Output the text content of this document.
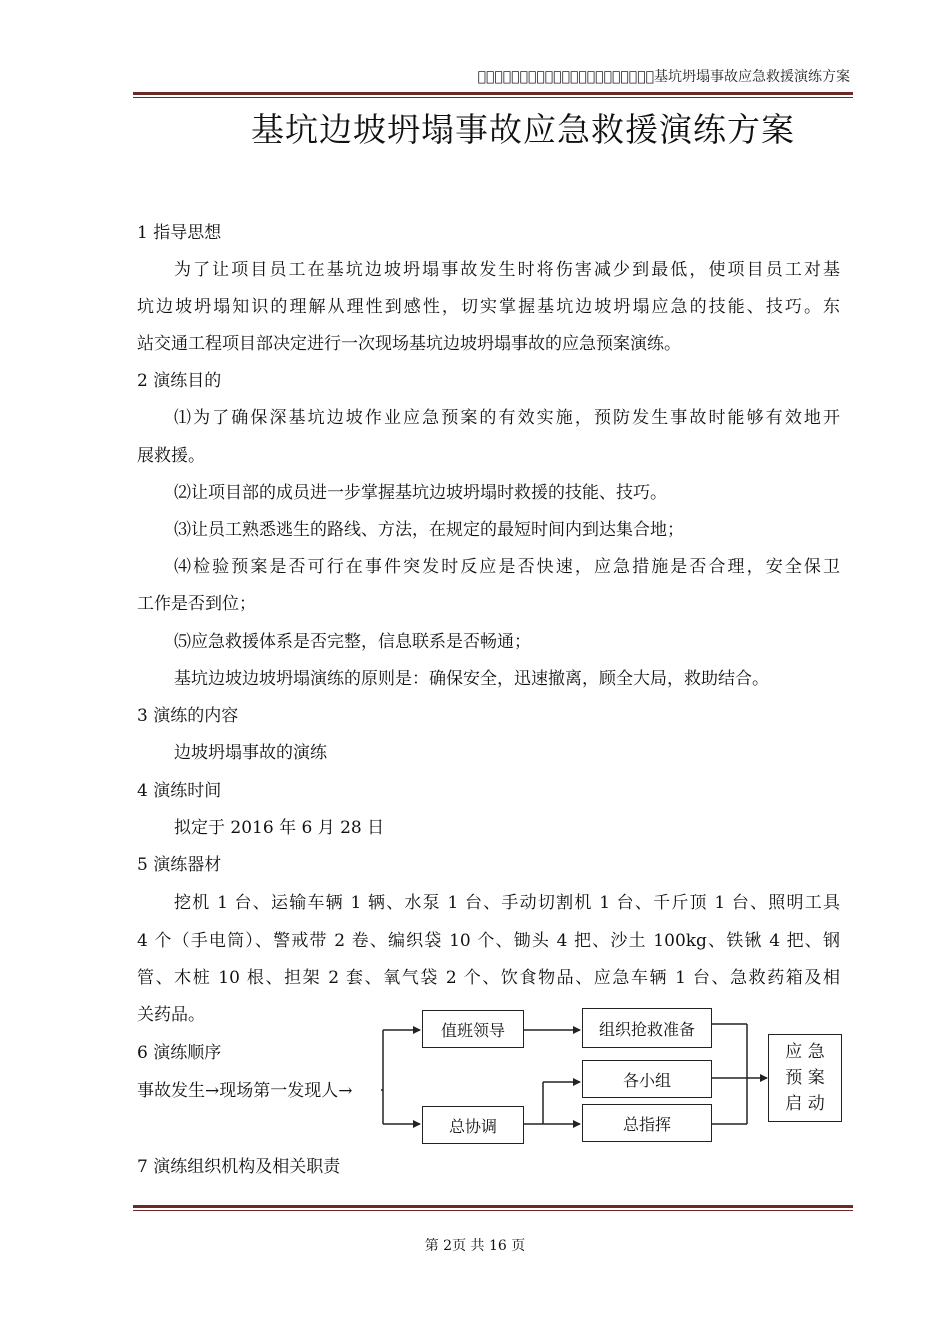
􀀀􀀀􀀀􀀀􀀀􀀀􀀀􀀀􀀀􀀀􀀀􀀀􀀀􀀀􀀀􀀀􀀀􀀀􀀀􀀀􀀀基坑坍塌事故应急救援演练方案
基坑边坡坍塌事故应急救援演练方案
1 指导思想
为了让项目员工在基坑边坡坍塌事故发生时将伤害减少到最低，使项目员工对基
坑边坡坍塌知识的理解从理性到感性，切实掌握基坑边坡坍塌应急的技能、技巧。东
站交通工程项目部决定进行一次现场基坑边坡坍塌事故的应急预案演练。
2 演练目的
⑴为了确保深基坑边坡作业应急预案的有效实施，预防发生事故时能够有效地开
展救援。
⑵让项目部的成员进一步掌握基坑边坡坍塌时救援的技能、技巧。
⑶让员工熟悉逃生的路线、方法，在规定的最短时间内到达集合地；
⑷检验预案是否可行在事件突发时反应是否快速，应急措施是否合理，安全保卫
工作是否到位；
⑸应急救援体系是否完整，信息联系是否畅通；
基坑边坡边坡坍塌演练的原则是：确保安全，迅速撤离，顾全大局，救助结合。
3 演练的内容
边坡坍塌事故的演练
4 演练时间
拟定于 2016 年 6 月 28 日
5 演练器材
挖机 1 台、运输车辆 1 辆、水泵 1 台、手动切割机 1 台、千斤顶 1 台、照明工具
4 个（手电筒）、警戒带 2 卷、编织袋 10 个、锄头 4 把、沙土 100kg、铁锹 4 把、钢
管、木桩 10 根、担架 2 套、氧气袋 2 个、饮食物品、应急车辆 1 台、急救药箱及相
关药品。
6 演练顺序
事故发生→现场第一发现人→
值班领导	组织抢救准备
各小组
总协调	总指挥
应 急
预 案
启 动
7 演练组织机构及相关职责
第 2页 共 16 页
